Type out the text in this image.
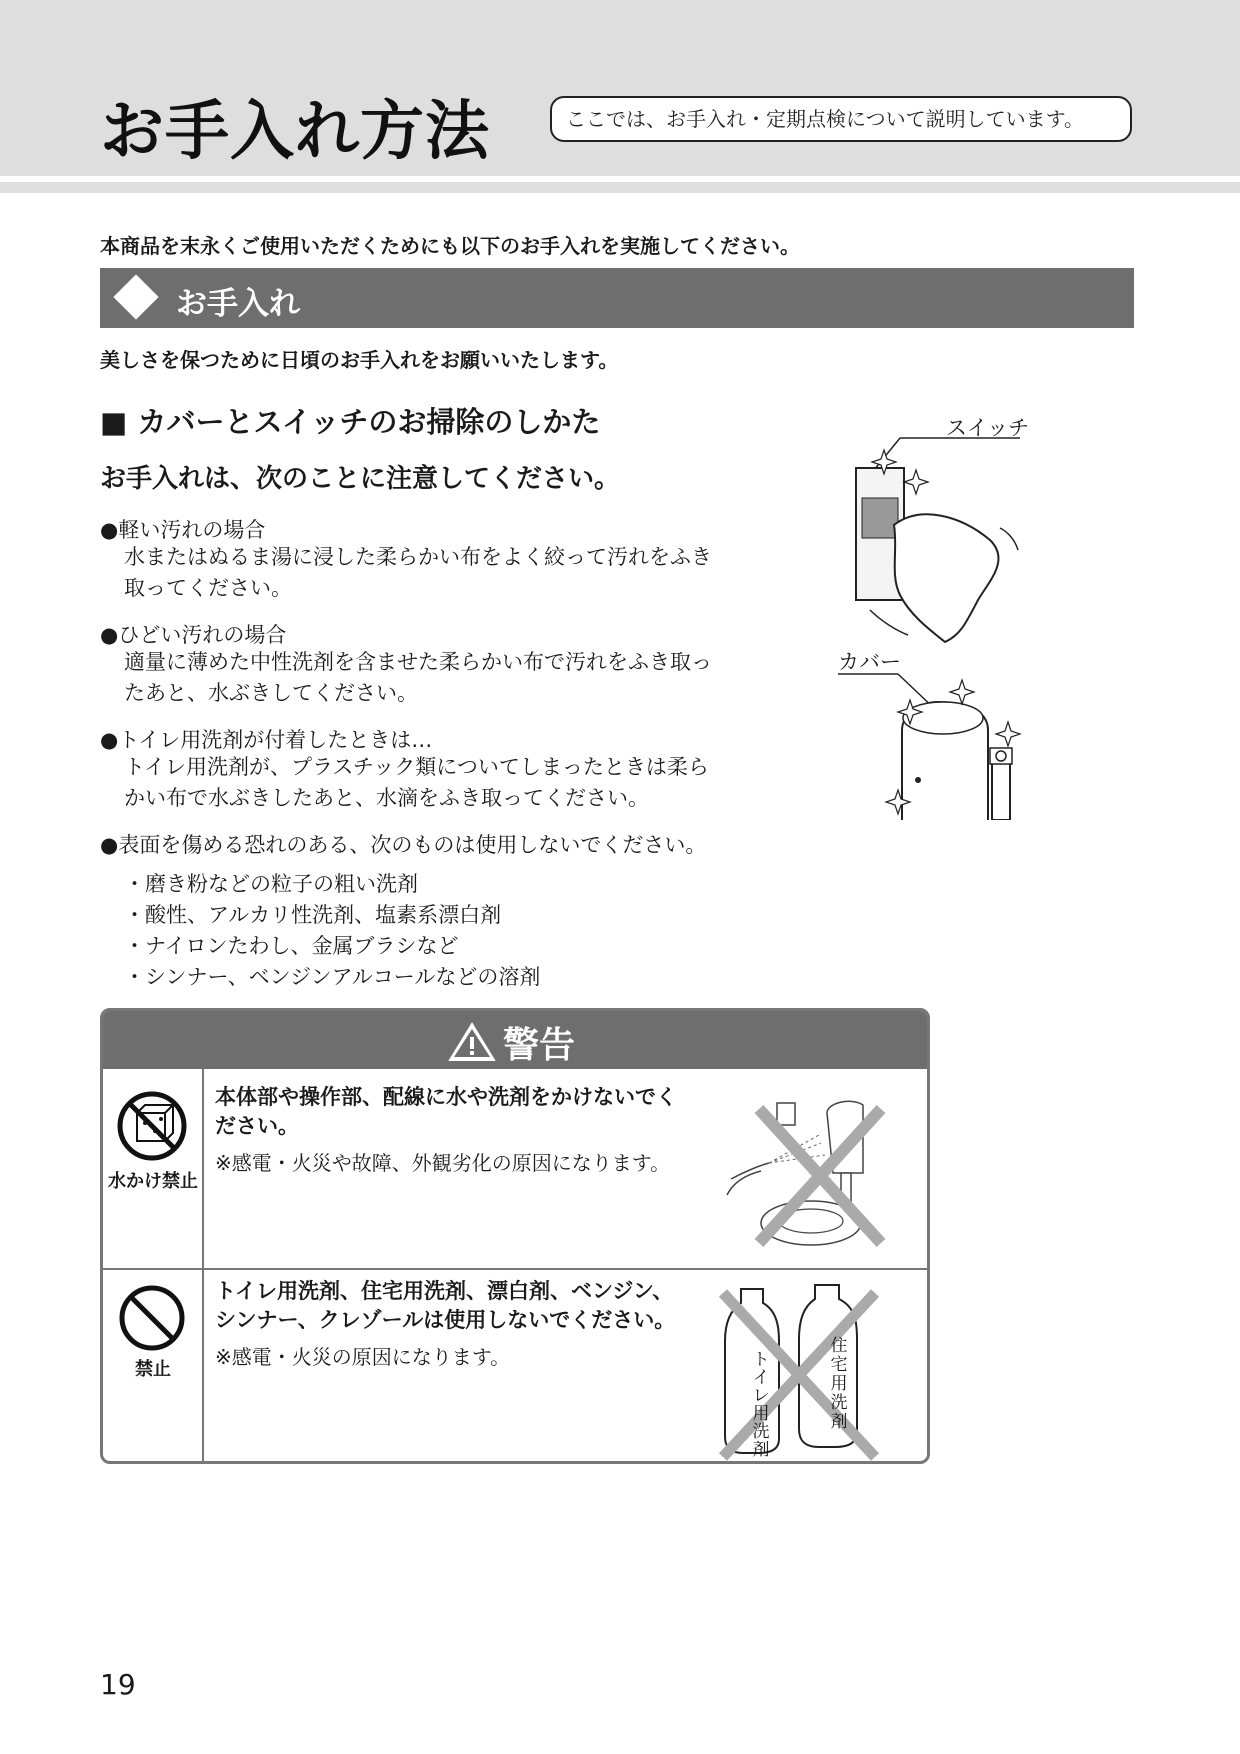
お手入れ方法	ここでは、お手入れ・定期点検について説明しています。
本商品を末永くご使用いただくためにも以下のお手入れを実施してください。
お手入れ
美しさを保つために日頃のお手入れをお願いいたします。
■ カバーとスイッチのお掃除のしかた
お手入れは、次のことに注意してください。
●軽い汚れの場合
水またはぬるま湯に浸した柔らかい布をよく絞って汚れをふき
取ってください。
●ひどい汚れの場合
適量に薄めた中性洗剤を含ませた柔らかい布で汚れをふき取っ
たあと、水ぶきしてください。
●トイレ用洗剤が付着したときは…
トイレ用洗剤が、プラスチック類についてしまったときは柔ら
かい布で水ぶきしたあと、水滴をふき取ってください。
●表面を傷める恐れのある、次のものは使用しないでください。
・磨き粉などの粒子の粗い洗剤
・酸性、アルカリ性洗剤、塩素系漂白剤
・ナイロンたわし、金属ブラシなど
・シンナー、ベンジンアルコールなどの溶剤
スイッチ
カバー
警告
水かけ禁止
本体部や操作部、配線に水や洗剤をかけないでく
ださい。
※感電・火災や故障、外観劣化の原因になります。
禁止
トイレ用洗剤、住宅用洗剤、漂白剤、ベンジン、
シンナー、クレゾールは使用しないでください。
※感電・火災の原因になります。	ト
イ
レ
用
洗
剤
住
宅
用
洗
剤
19
